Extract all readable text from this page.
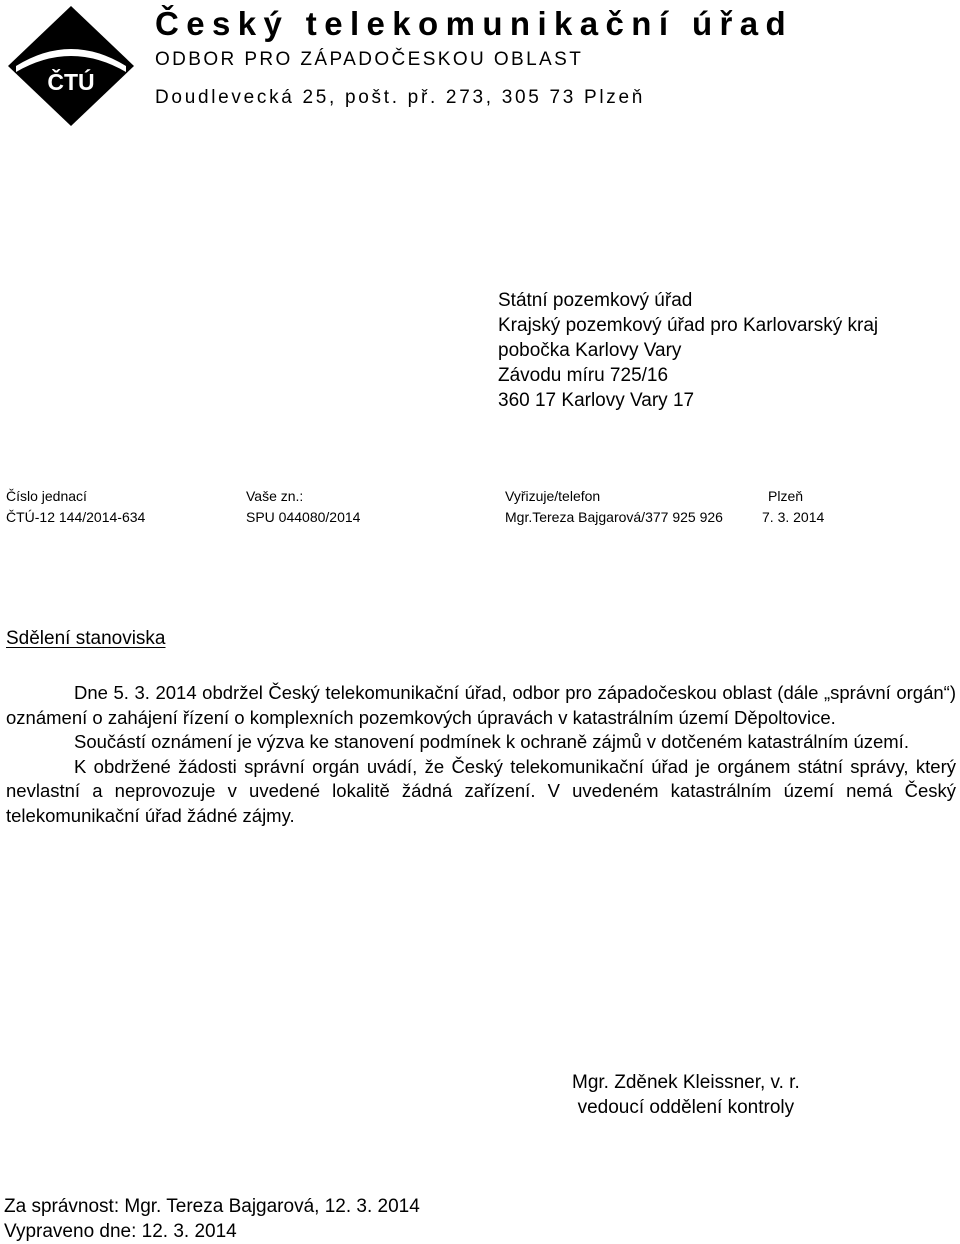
ČTÚ
Český telekomunikační úřad
ODBOR PRO ZÁPADOČESKOU OBLAST
Doudlevecká 25, pošt. př. 273, 305 73 Plzeň
Státní pozemkový úřad
Krajský pozemkový úřad pro Karlovarský kraj
pobočka Karlovy Vary
Závodu míru 725/16
360 17 Karlovy Vary 17
Číslo jednací
ČTÚ-12 144/2014-634
Vaše zn.:
SPU 044080/2014
Vyřizuje/telefon
Mgr.Tereza Bajgarová/377 925 926
Plzeň
7. 3. 2014
Sdělení stanoviska

Dne 5. 3. 2014 obdržel Český telekomunikační úřad, odbor pro západočeskou oblast (dále „správní orgán“) oznámení o zahájení řízení o komplexních pozemkových úpravách v katastrálním území Děpoltovice.

Součástí oznámení je výzva ke stanovení podmínek k ochraně zájmů v dotčeném katastrálním území.

K obdržené žádosti správní orgán uvádí, že Český telekomunikační úřad je orgánem státní správy, který nevlastní a neprovozuje v uvedené lokalitě žádná zařízení. V uvedeném katastrálním území nemá Český telekomunikační úřad žádné zájmy.

Mgr. Zděnek Kleissner, v. r.
vedoucí oddělení kontroly
Za správnost: Mgr. Tereza Bajgarová, 12. 3. 2014
Vypraveno dne: 12. 3. 2014
